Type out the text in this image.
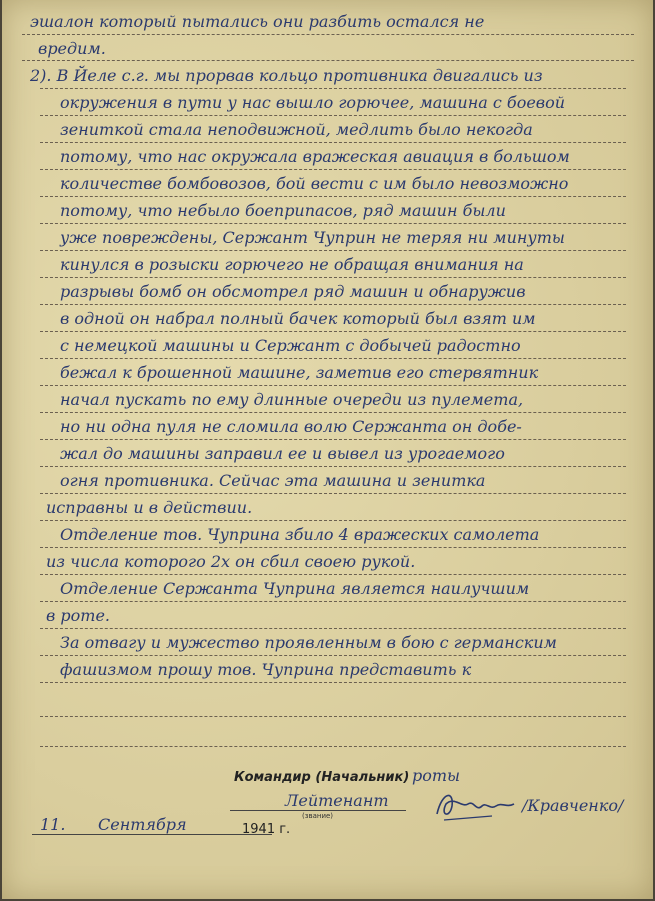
эшалон который пытались они разбить остался не
вредим.
2). В Йеле с.г. мы прорвав кольцо противника двигались из
окружения в пути у нас вышло горючее, машина с боевой
зениткой стала неподвижной, медлить было некогда
потому, что нас окружала вражеская авиация в большом
количестве бомбовозов, бой вести с им было невозможно
потому, что небыло боеприпасов, ряд машин были
уже повреждены, Сержант Чуприн не теряя ни минуты
кинулся в розыски горючего не обращая внимания на
разрывы бомб он обсмотрел ряд машин и обнаружив
в одной он набрал полный бачек который был взят им
с немецкой машины и Сержант с добычей радостно
бежал к брошенной машине, заметив его стервятник
начал пускать по ему длинные очереди из пулемета,
но ни одна пуля не сломила волю Сержанта он добе-
жал до машины заправил ее и вывел из урогаемого
огня противника. Сейчас эта машина и зенитка
исправны и в действии.
Отделение тов. Чуприна збило 4 вражеских самолета
из числа которого 2х он сбил своею рукой.
Отделение Сержанта Чуприна является наилучшим
в роте.
За отвагу и мужество проявленным в бою с германским
фашизмом прошу тов. Чуприна представить к
Командир (Начальник) роты
Лейтенант
(звание)
/Кравченко/
11.	Сентября	1941 г.
